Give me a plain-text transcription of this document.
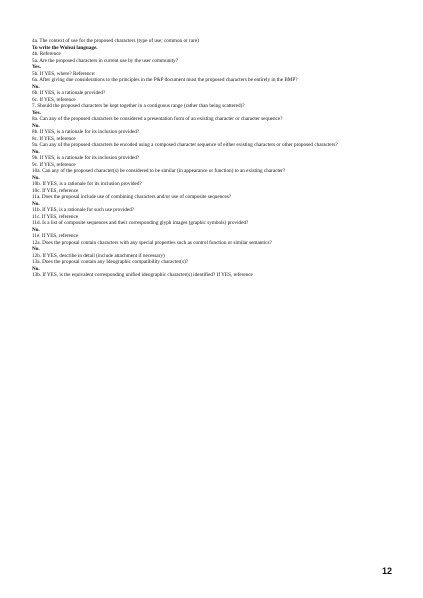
4a. The context of use for the proposed characters (type of use; common or rare)
To write the Woleai language.
4b. Reference
5a. Are the proposed characters in current use by the user community?
Yes.
5b. If YES, where? Reference:
6a. After giving due considerations to the principles in the P&P document must the proposed characters be entirely in the BMP?
No.
6b. If YES, is a rationale provided?
6c. If YES, reference
7. Should the proposed characters be kept together in a contiguous range (rather than being scattered)?
Yes.
8a. Can any of the proposed characters be considered a presentation form of an existing character or character sequence?
No.
8b. If YES, is a rationale for its inclusion provided?
8c. If YES, reference
9a. Can any of the proposed characters be encoded using a composed character sequence of either existing characters or other proposed characters?
No.
9b. If YES, is a rationale for its inclusion provided?
9c. If YES, reference
10a. Can any of the proposed character(s) be considered to be similar (in appearance or function) to an existing character?
No.
10b. If YES, is a rationale for its inclusion provided?
10c. If YES, reference
11a. Does the proposal include use of combining characters and/or use of composite sequences?
No.
11b. If YES, is a rationale for such use provided?
11c. If YES, reference
11d. Is a list of composite sequences and their corresponding glyph images (graphic symbols) provided?
No.
11e. If YES, reference
12a. Does the proposal contain characters with any special properties such as control function or similar semantics?
No.
12b. If YES, describe in detail (include attachment if necessary)
13a. Does the proposal contain any Ideographic compatibility character(s)?
No.
13b. If YES, is the equivalent corresponding unified ideographic character(s) identified? If YES, reference
12
